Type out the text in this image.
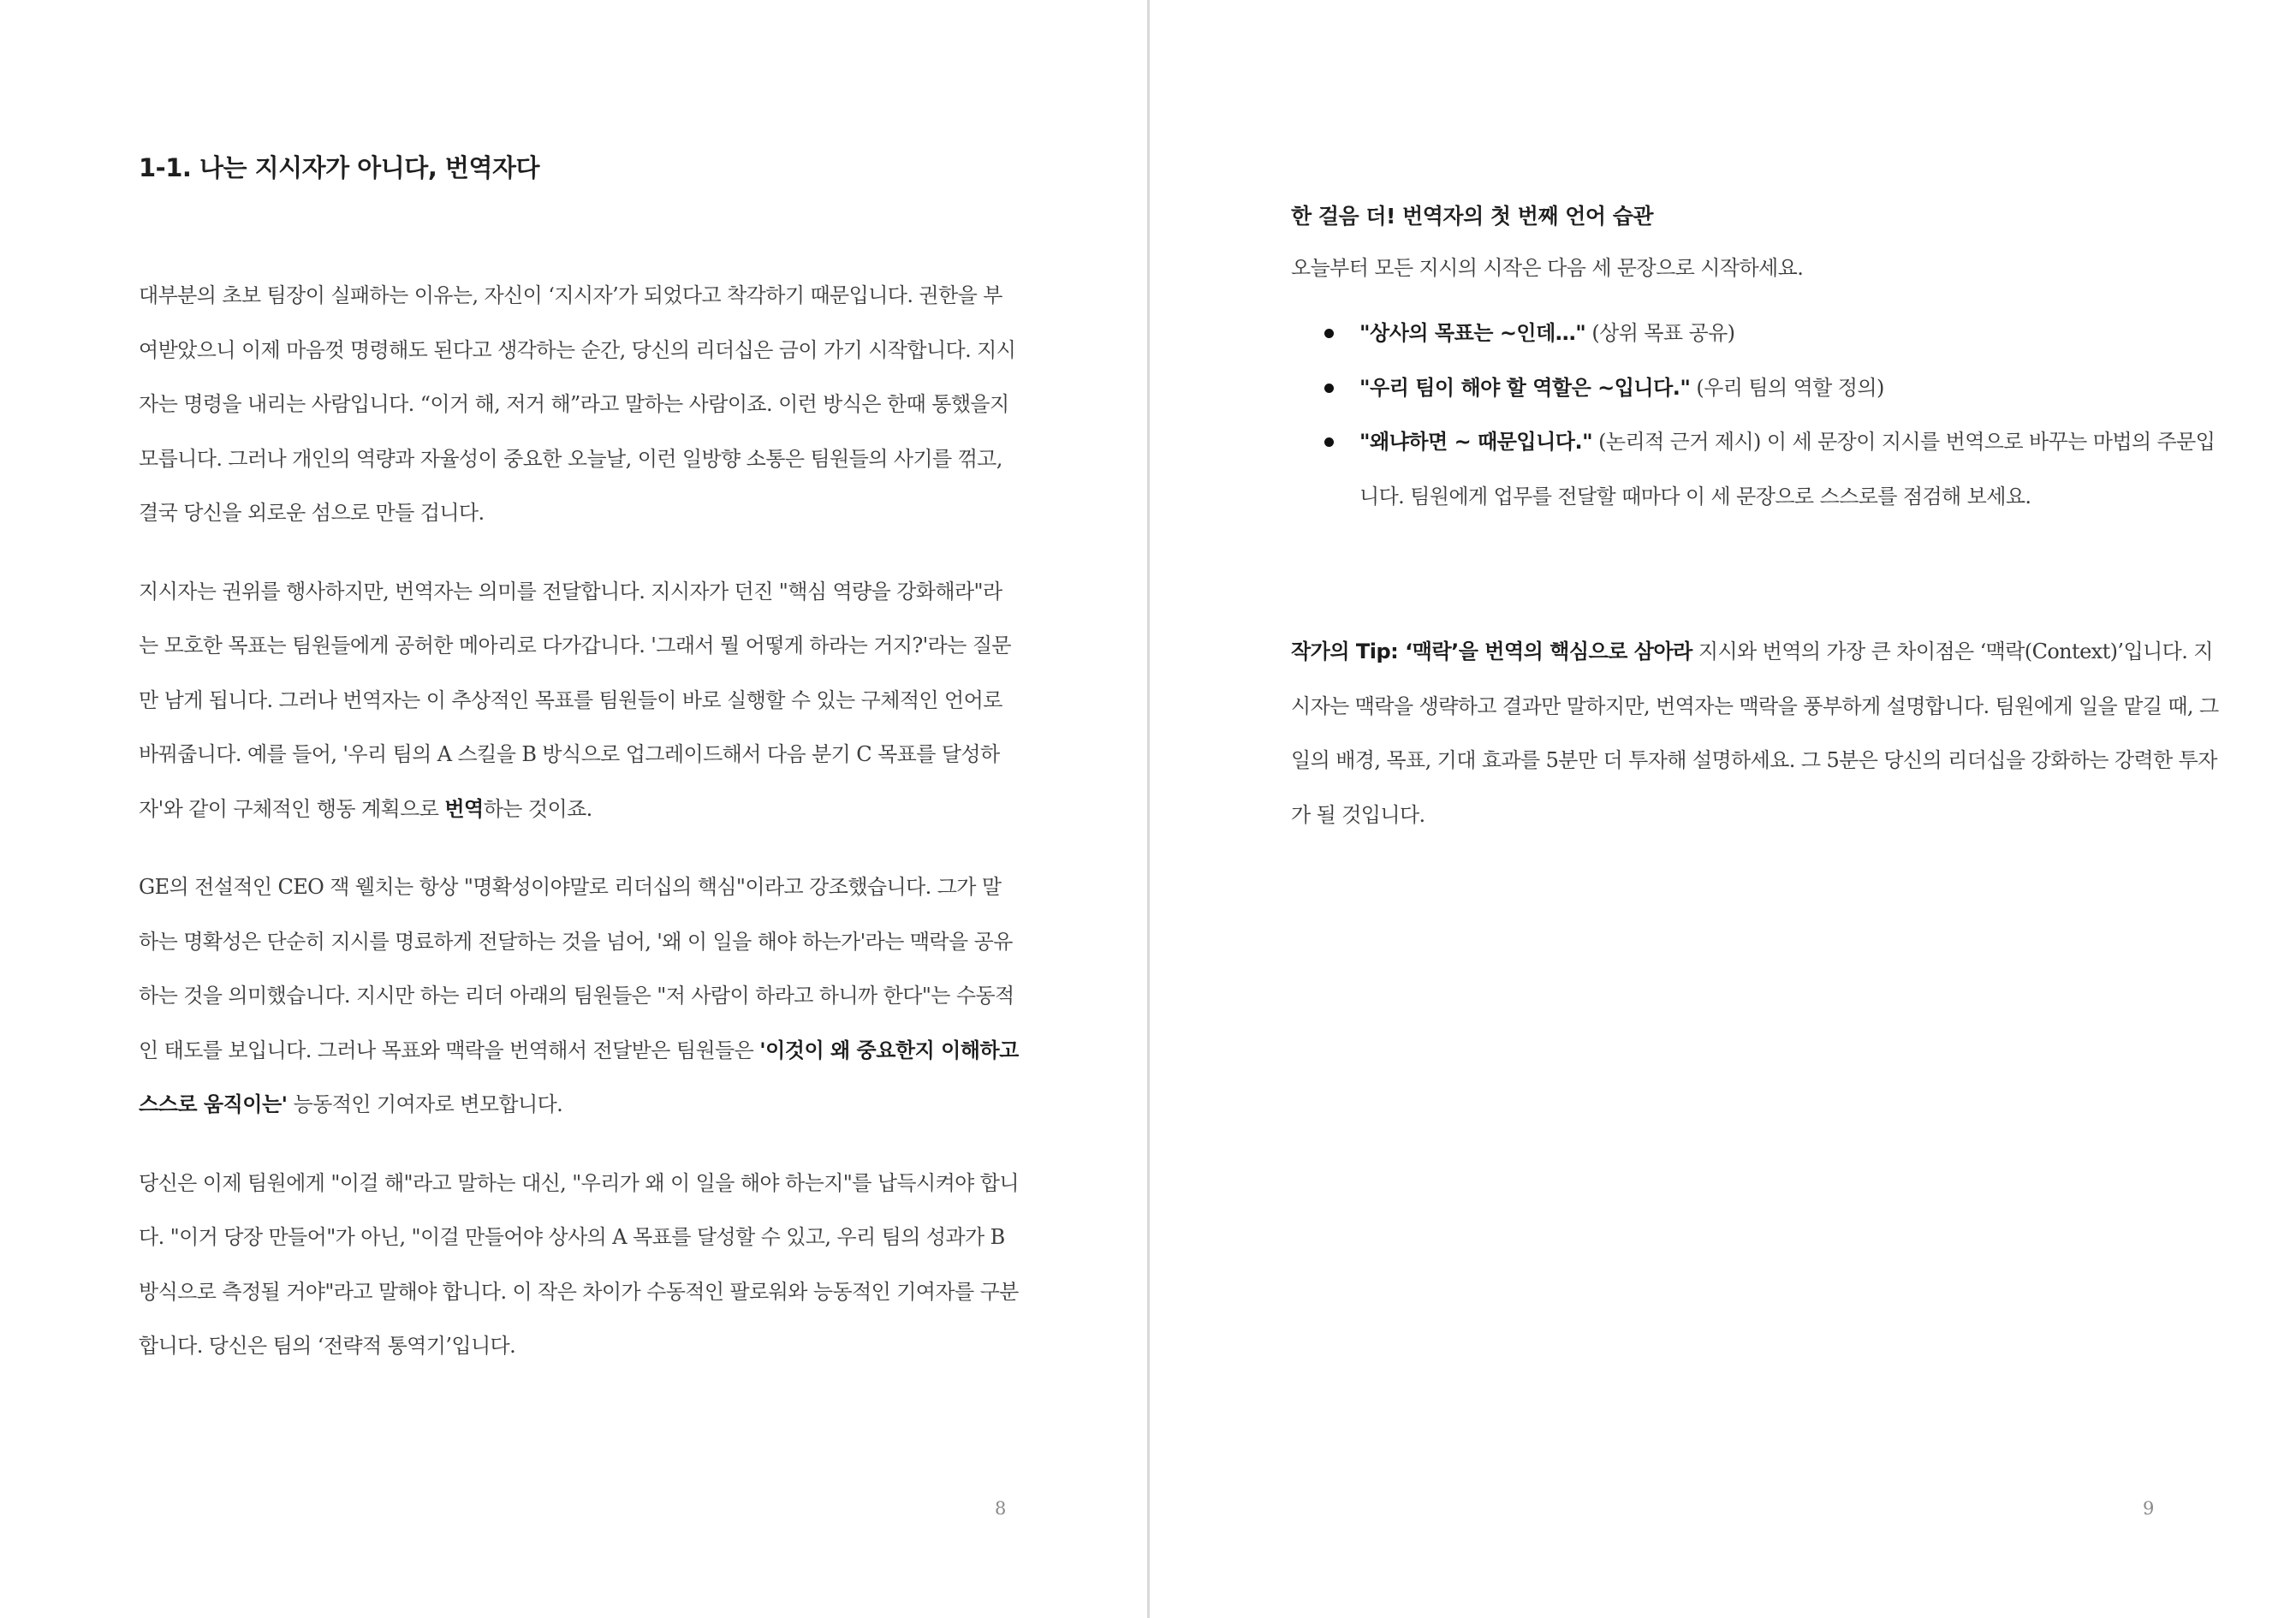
1-1. 나는 지시자가 아니다, 번역자다

대부분의 초보 팀장이 실패하는 이유는, 자신이 ‘지시자’가 되었다고 착각하기 때문입니다. 권한을 부여받았으니 이제 마음껏 명령해도 된다고 생각하는 순간, 당신의 리더십은 금이 가기 시작합니다. 지시자는 명령을 내리는 사람입니다. “이거 해, 저거 해”라고 말하는 사람이죠. 이런 방식은 한때 통했을지 모릅니다. 그러나 개인의 역량과 자율성이 중요한 오늘날, 이런 일방향 소통은 팀원들의 사기를 꺾고, 결국 당신을 외로운 섬으로 만들 겁니다.

지시자는 권위를 행사하지만, 번역자는 의미를 전달합니다. 지시자가 던진 "핵심 역량을 강화해라"라는 모호한 목표는 팀원들에게 공허한 메아리로 다가갑니다. '그래서 뭘 어떻게 하라는 거지?'라는 질문만 남게 됩니다. 그러나 번역자는 이 추상적인 목표를 팀원들이 바로 실행할 수 있는 구체적인 언어로 바꿔줍니다. 예를 들어, '우리 팀의 A 스킬을 B 방식으로 업그레이드해서 다음 분기 C 목표를 달성하자'와 같이 구체적인 행동 계획으로 번역하는 것이죠.

GE의 전설적인 CEO 잭 웰치는 항상 "명확성이야말로 리더십의 핵심"이라고 강조했습니다. 그가 말하는 명확성은 단순히 지시를 명료하게 전달하는 것을 넘어, '왜 이 일을 해야 하는가'라는 맥락을 공유하는 것을 의미했습니다. 지시만 하는 리더 아래의 팀원들은 "저 사람이 하라고 하니까 한다"는 수동적인 태도를 보입니다. 그러나 목표와 맥락을 번역해서 전달받은 팀원들은 '이것이 왜 중요한지 이해하고 스스로 움직이는' 능동적인 기여자로 변모합니다.

당신은 이제 팀원에게 "이걸 해"라고 말하는 대신, "우리가 왜 이 일을 해야 하는지"를 납득시켜야 합니다. "이거 당장 만들어"가 아닌, "이걸 만들어야 상사의 A 목표를 달성할 수 있고, 우리 팀의 성과가 B 방식으로 측정될 거야"라고 말해야 합니다. 이 작은 차이가 수동적인 팔로워와 능동적인 기여자를 구분합니다. 당신은 팀의 ‘전략적 통역기’입니다.

8
한 걸음 더! 번역자의 첫 번째 언어 습관

오늘부터 모든 지시의 시작은 다음 세 문장으로 시작하세요.

"상사의 목표는 ~인데…" (상위 목표 공유)
"우리 팀이 해야 할 역할은 ~입니다." (우리 팀의 역할 정의)
"왜냐하면 ~ 때문입니다." (논리적 근거 제시) 이 세 문장이 지시를 번역으로 바꾸는 마법의 주문입니다. 팀원에게 업무를 전달할 때마다 이 세 문장으로 스스로를 점검해 보세요.

작가의 Tip: ‘맥락’을 번역의 핵심으로 삼아라 지시와 번역의 가장 큰 차이점은 ‘맥락(Context)’입니다. 지시자는 맥락을 생략하고 결과만 말하지만, 번역자는 맥락을 풍부하게 설명합니다. 팀원에게 일을 맡길 때, 그 일의 배경, 목표, 기대 효과를 5분만 더 투자해 설명하세요. 그 5분은 당신의 리더십을 강화하는 강력한 투자가 될 것입니다.

9
